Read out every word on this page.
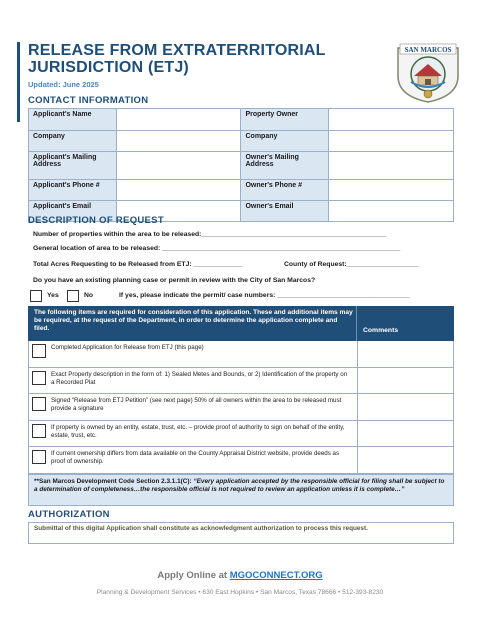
RELEASE FROM EXTRATERRITORIAL JURISDICTION (ETJ)
Updated: June 2025
SAN MARCOS
CONTACT INFORMATION
Applicant's Name		Property Owner	
Company		Company	
Applicant's Mailing Address		Owner's Mailing Address	
Applicant's Phone #		Owner's Phone #	
Applicant's Email		Owner's Email	
DESCRIPTION OF REQUEST
Number of properties within the area to be released:_________________________________________________
General location of area to be released: _______________________________________________________________
Total Acres Requesting to be Released from ETJ: _____________	County of Request:___________________
Do you have an existing planning case or permit in review with the City of San Marcos?
Yes	No	If yes, please indicate the permit/ case numbers: ___________________________________
The following items are required for consideration of this application. These and additional items may be required, at the request of the Department, in order to determine the application complete and filed.	Comments
Completed Application for Release from ETJ (this page)
Exact Property description in the form of: 1) Sealed Metes and Bounds, or 2) Identification of the property on a Recorded Plat
Signed “Release from ETJ Petition” (see next page) 50% of all owners within the area to be released must provide a signature
If property is owned by an entity, estate, trust, etc. – provide proof of authority to sign on behalf of the entity, estate, trust, etc.
If current ownership differs from data available on the County Appraisal District website, provide deeds as proof of ownership.
**San Marcos Development Code Section 2.3.1.1(C): “Every application accepted by the responsible official for filing shall be subject to a determination of completeness…the responsible official is not required to review an application unless it is complete…”
AUTHORIZATION
Submittal of this digital Application shall constitute as acknowledgment authorization to process this request.
Apply Online at MGOCONNECT.ORG
Planning & Development Services • 630 East Hopkins • San Marcos, Texas 78666 • 512-393-8230
